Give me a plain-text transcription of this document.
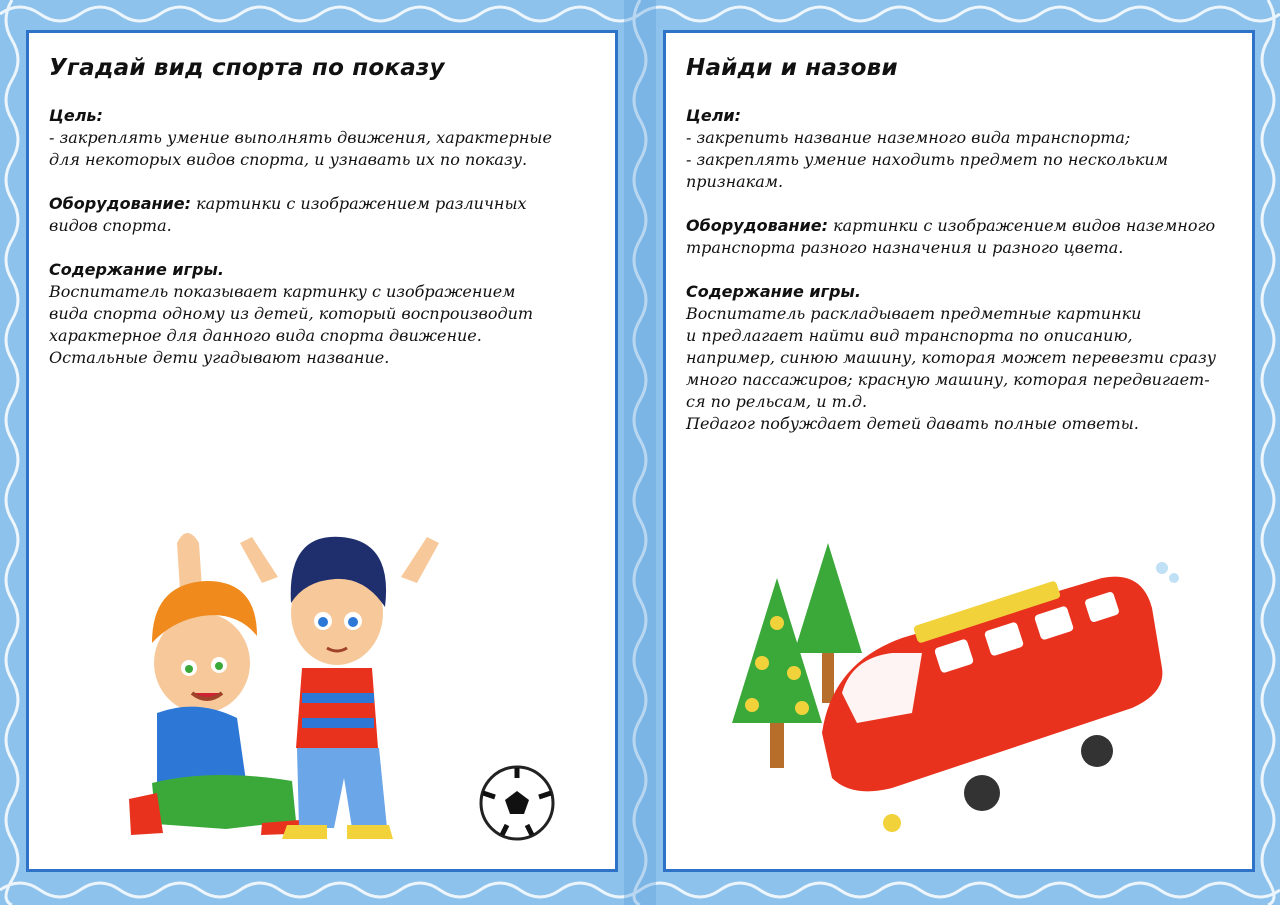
Угадай вид спорта по показу
Цель:
- закреплять умение выполнять движения, характерные
для некоторых видов спорта, и узнавать их по показу.
Оборудование: картинки с изображением различных
видов спорта.
Содержание игры.
Воспитатель показывает картинку с изображением
вида спорта одному из детей, который воспроизводит
характерное для данного вида спорта движение.
Остальные дети угадывают название.
Найди и назови
Цели:
- закрепить название наземного вида транспорта;
- закреплять умение находить предмет по нескольким
признакам.
Оборудование: картинки с изображением видов наземного
транспорта разного назначения и разного цвета.
Содержание игры.
Воспитатель раскладывает предметные картинки
и предлагает найти вид транспорта по описанию,
например, синюю машину, которая может перевезти сразу
много пассажиров; красную машину, которая передвигает-
ся по рельсам, и т.д.
Педагог побуждает детей давать полные ответы.
